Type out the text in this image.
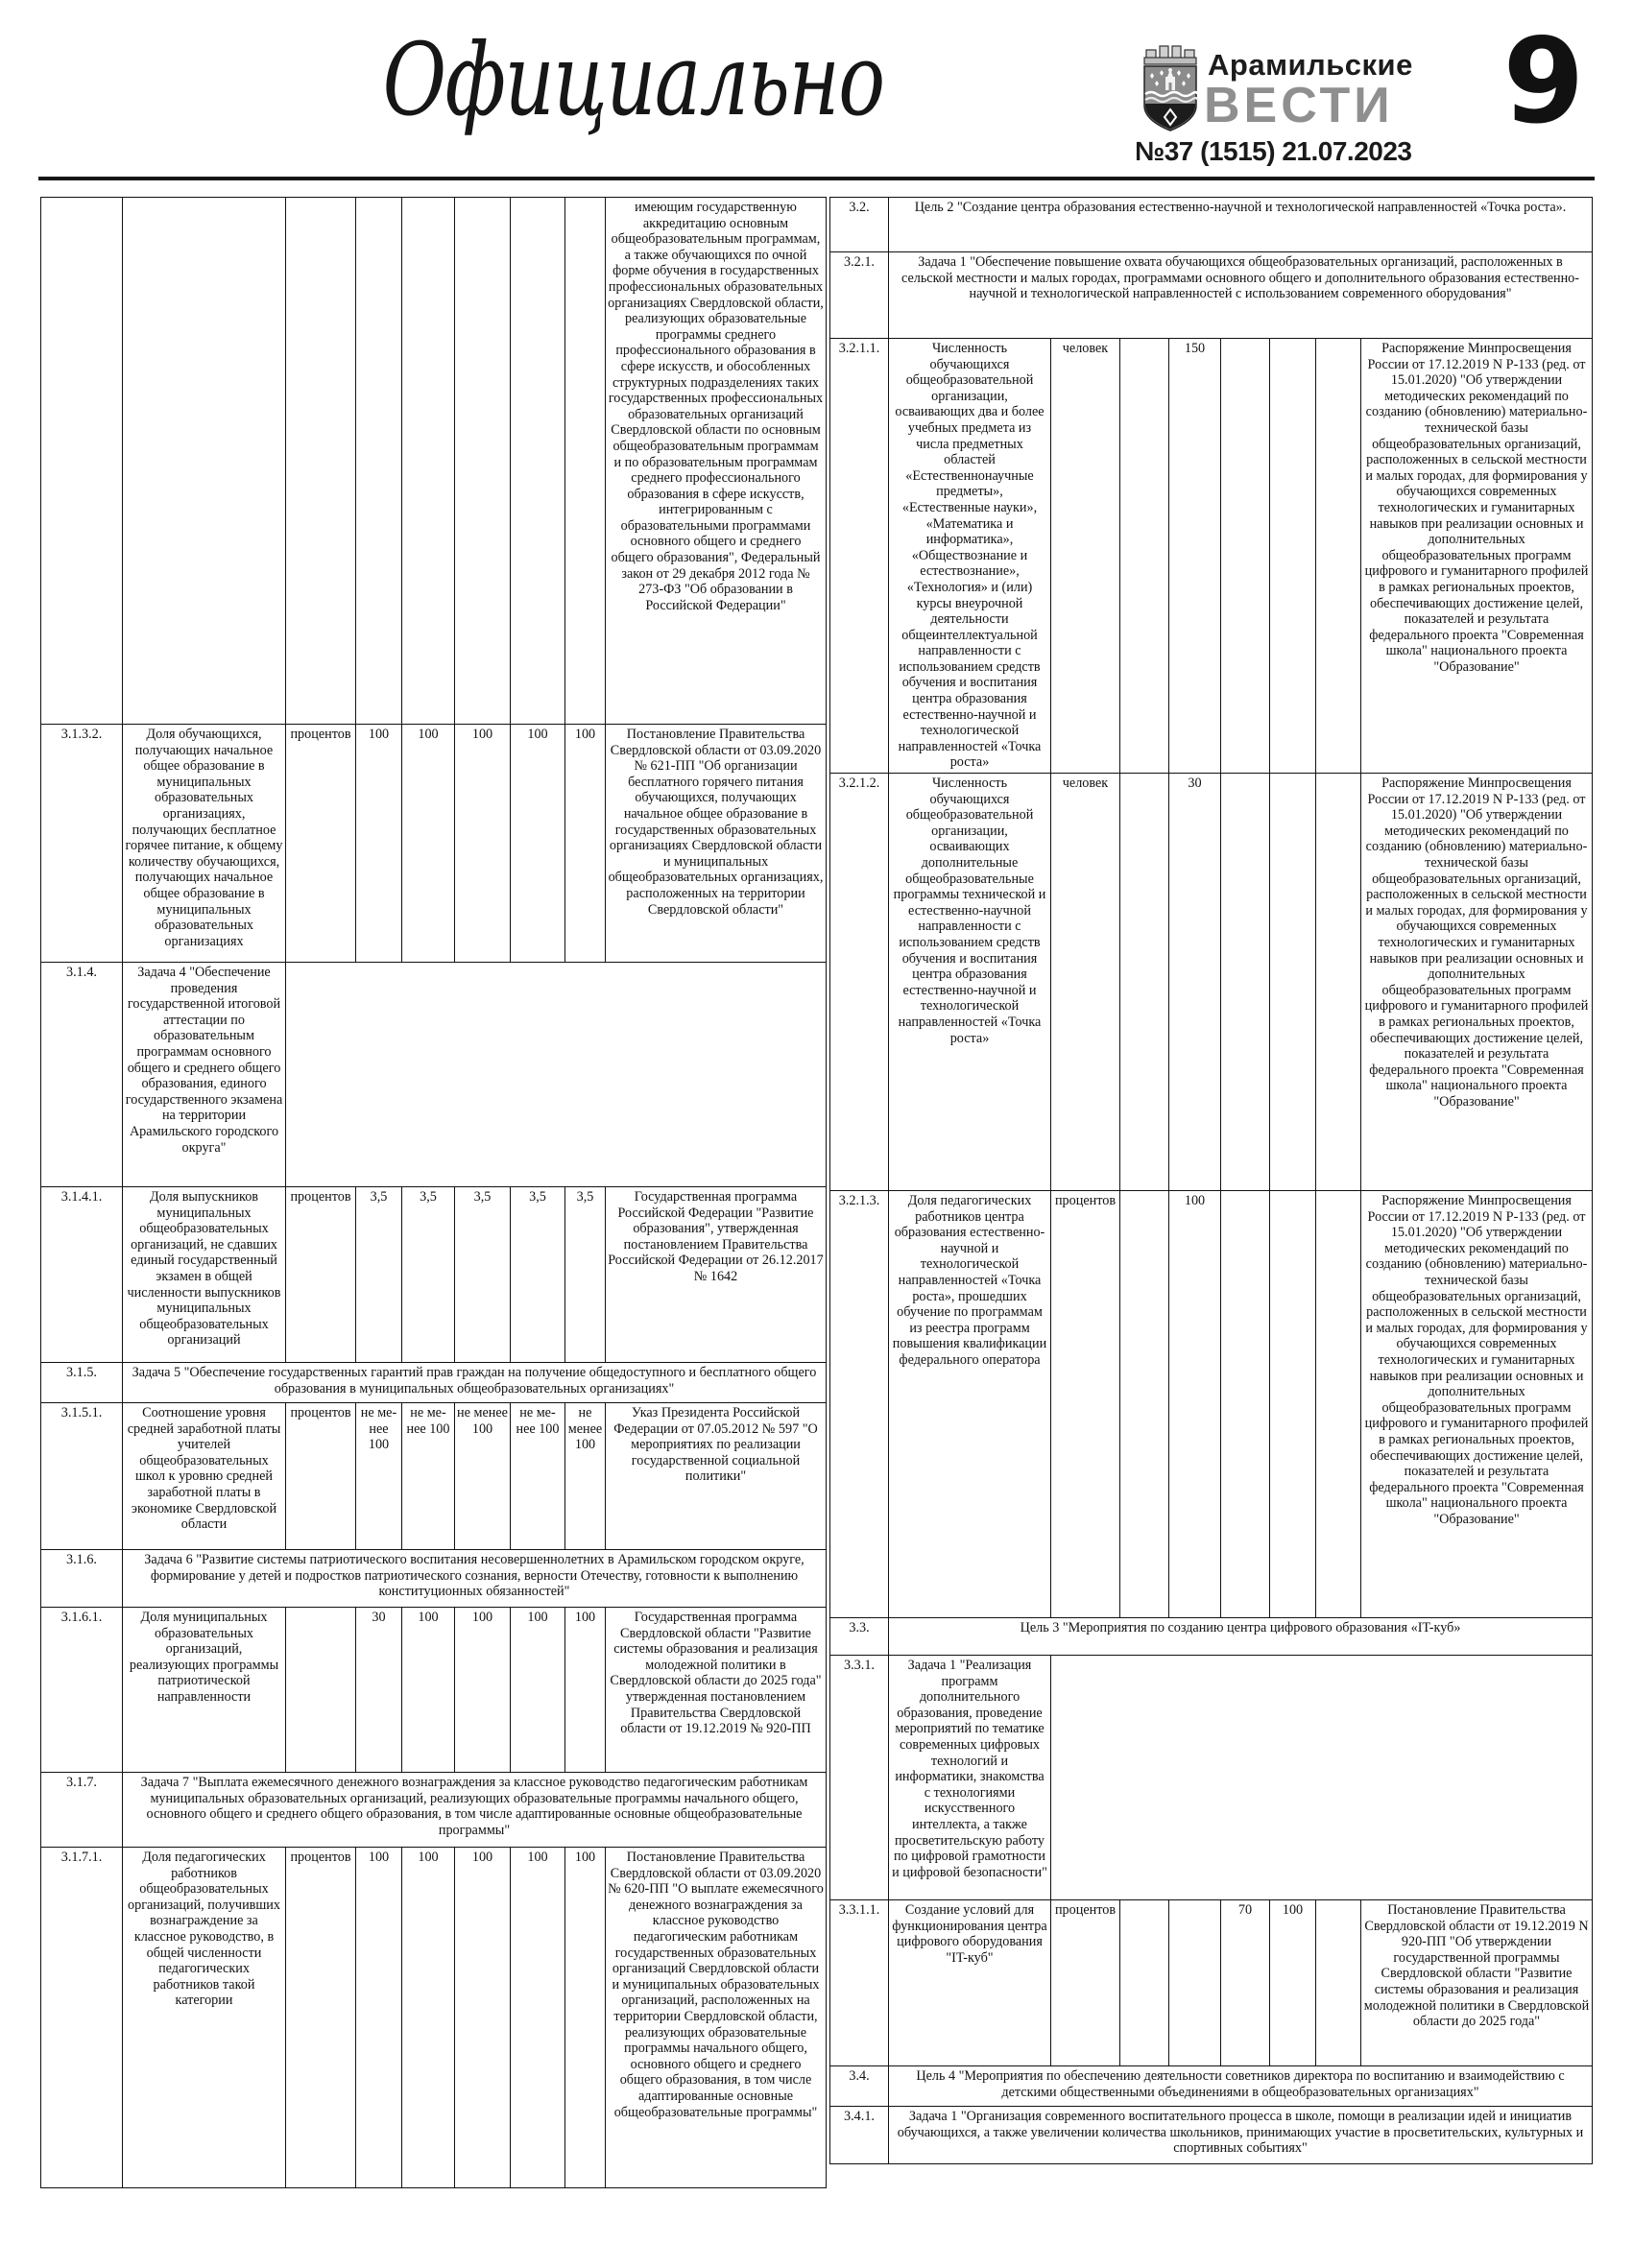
Официально	Арамильские
ВЕСТИ
№37 (1515) 21.07.2023
9
								имеющим государственную аккредитацию основным общеобразовательным программам, а также обучающихся по очной форме обучения в государственных профессиональных образовательных организациях Свердловской области, реализующих образовательные программы среднего профессионального образования в сфере искусств, и обособленных структурных подразделениях таких государственных профессиональных образовательных организаций Свердловской области по основным общеобразовательным программам и по образовательным программам среднего профессионального образования в сфере искусств, интегрированным с образовательными программами основного общего и среднего общего образования", Федеральный закон от 29 декабря 2012 года № 273-ФЗ "Об образовании в Российской Федерации"
3.1.3.2.	Доля обучающихся, получающих начальное общее образование в муниципальных образовательных организациях, получающих бесплатное горячее питание, к общему количеству обучающихся, получающих начальное общее образование в муниципальных образовательных организациях	процентов	100	100	100	100	100	Постановление Правительства Свердловской области от 03.09.2020 № 621-ПП "Об организации бесплатного горячего питания обучающихся, получающих начальное общее образование в государственных образовательных организациях Свердловской области и муниципальных общеобразовательных организациях, расположенных на территории Свердловской области"
3.1.4.	Задача 4 "Обеспечение проведения государственной итоговой аттестации по образовательным программам основного общего и среднего общего образования, единого государственного экзамена на территории Арамильского городского округа"							
3.1.4.1.	Доля выпускников муниципальных общеобразовательных организаций, не сдавших единый государственный экзамен в общей численности выпускников муниципальных общеобразовательных организаций	процентов	3,5	3,5	3,5	3,5	3,5	Государственная программа Российской Федерации "Развитие образования", утвержденная постановлением Правительства Российской Федерации от 26.12.2017 № 1642
3.1.5.	Задача 5 "Обеспечение государственных гарантий прав граждан на получение общедоступного и бесплатного общего образования в муниципальных общеобразовательных организациях"							
3.1.5.1.	Соотношение уровня средней заработной платы учителей общеобразовательных школ к уровню средней заработной платы в экономике Свердловской области	процентов	не менее 100	не менее 100	не менее 100	не менее 100	не менее 100	Указ Президента Российской Федерации от 07.05.2012 № 597 "О мероприятиях по реализации государственной социальной политики"
3.1.6.	Задача 6 "Развитие системы патриотического воспитания несовершеннолетних в Арамильском городском округе, формирование у детей и подростков патриотического сознания, верности Отечеству, готовности к выполнению конституционных обязанностей"							
3.1.6.1.	Доля муниципальных образовательных организаций, реализующих программы патриотической направленности		30	100	100	100	100	Государственная программа Свердловской области "Развитие системы образования и реализация молодежной политики в Свердловской области до 2025 года" утвержденная постановлением Правительства Свердловской области от 19.12.2019 № 920-ПП
3.1.7.	Задача 7 "Выплата ежемесячного денежного вознаграждения за классное руководство педагогическим работникам муниципальных образовательных организаций, реализующих образовательные программы начального общего, основного общего и среднего общего образования, в том числе адаптированные основные общеобразовательные программы"							
3.1.7.1.	Доля педагогических работников общеобразовательных организаций, получивших вознаграждение за классное руководство, в общей численности педагогических работников такой категории	процентов	100	100	100	100	100	Постановление Правительства Свердловской области от 03.09.2020 № 620-ПП "О выплате ежемесячного денежного вознаграждения за классное руководство педагогическим работникам государственных образовательных организаций Свердловской области и муниципальных образовательных организаций, расположенных на территории Свердловской области, реализующих образовательные программы начального общего, основного общего и среднего общего образования, в том числе адаптированные основные общеобразовательные программы"
3.2.	Цель 2 "Создание центра образования естественно-научной и технологической направленностей «Точка роста».							
3.2.1.	Задача 1 "Обеспечение повышение охвата обучающихся общеобразовательных организаций, расположенных в сельской местности и малых городах, программами основного общего и дополнительного образования естественно-научной и технологической направленностей с использованием современного оборудования"							
3.2.1.1.	Численность обучающихся общеобразовательной организации, осваивающих два и более учебных предмета из числа предметных областей «Естественнонаучные предметы», «Естественные науки», «Математика и информатика», «Обществознание и естествознание», «Технология» и (или) курсы внеурочной деятельности общеинтеллектуальной направленности с использованием средств обучения и воспитания центра образования естественно-научной и технологической направленностей «Точка роста»	человек		150				Распоряжение Минпросвещения России от 17.12.2019 N Р-133 (ред. от 15.01.2020) "Об утверждении методических рекомендаций по созданию (обновлению) материально-технической базы общеобразовательных организаций, расположенных в сельской местности и малых городах, для формирования у обучающихся современных технологических и гуманитарных навыков при реализации основных и дополнительных общеобразовательных программ цифрового и гуманитарного профилей в рамках региональных проектов, обеспечивающих достижение целей, показателей и результата федерального проекта "Современная школа" национального проекта "Образование"
3.2.1.2.	Численность обучающихся общеобразовательной организации, осваивающих дополнительные общеобразовательные программы технической и естественно-научной направленности с использованием средств обучения и воспитания центра образования естественно-научной и технологической направленностей «Точка роста»	человек		30				Распоряжение Минпросвещения России от 17.12.2019 N Р-133 (ред. от 15.01.2020) "Об утверждении методических рекомендаций по созданию (обновлению) материально-технической базы общеобразовательных организаций, расположенных в сельской местности и малых городах, для формирования у обучающихся современных технологических и гуманитарных навыков при реализации основных и дополнительных общеобразовательных программ цифрового и гуманитарного профилей в рамках региональных проектов, обеспечивающих достижение целей, показателей и результата федерального проекта "Современная школа" национального проекта "Образование"
3.2.1.3.	Доля педагогических работников центра образования естественно-научной и технологической направленностей «Точка роста», прошедших обучение по программам из реестра программ повышения квалификации федерального оператора	процентов		100				Распоряжение Минпросвещения России от 17.12.2019 N Р-133 (ред. от 15.01.2020) "Об утверждении методических рекомендаций по созданию (обновлению) материально-технической базы общеобразовательных организаций, расположенных в сельской местности и малых городах, для формирования у обучающихся современных технологических и гуманитарных навыков при реализации основных и дополнительных общеобразовательных программ цифрового и гуманитарного профилей в рамках региональных проектов, обеспечивающих достижение целей, показателей и результата федерального проекта "Современная школа" национального проекта "Образование"
3.3.	Цель 3 "Мероприятия по созданию центра цифрового образования «IT-куб»							
3.3.1.	Задача 1 "Реализация программ дополнительного образования, проведение мероприятий по тематике современных цифровых технологий и информатики, знакомства с технологиями искусственного интеллекта, а также просветительскую работу по цифровой грамотности и цифровой безопасности"							
3.3.1.1.	Создание условий для функционирования центра цифрового оборудования "IT-куб"	процентов			70	100		Постановление Правительства Свердловской области от 19.12.2019 N 920-ПП "Об утверждении государственной программы Свердловской области "Развитие системы образования и реализация молодежной политики в Свердловской области до 2025 года"
3.4.	Цель 4 "Мероприятия по обеспечению деятельности советников директора по воспитанию и взаимодействию с детскими общественными объединениями в общеобразовательных организациях"							
3.4.1.	Задача 1 "Организация современного воспитательного процесса в школе, помощи в реализации идей и инициатив обучающихся, а также увеличении количества школьников, принимающих участие в просветительских, культурных и спортивных событиях"							
